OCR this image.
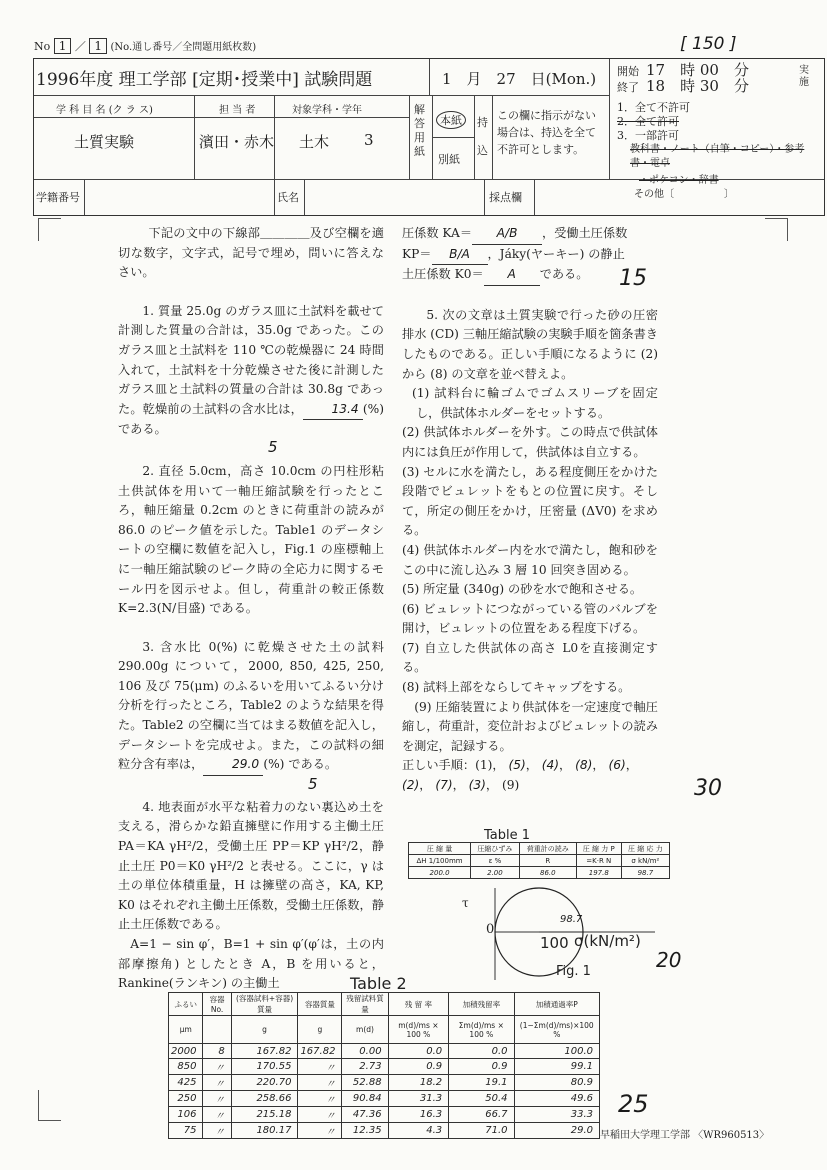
No 1 ／ 1 (No.通し番号／全問題用紙枚数)	[ 150 ]
1996年度 理工学部 [定期･授業中] 試験問題	1　月　27　日(Mon.) 開始 17　時 00　分
終了 18　時 30　分
実施
学 科 目 名 (ク ラ ス)	担 当 者	対象学科・学年
土質実験	濱田・赤木 土木 3
解答用紙
本紙
別紙
持込
この欄に指示がない場合は、持込を全て不許可とします。
1．全て不許可
2．全て許可
3．一部許可
教科書・ノート（自筆・コピー）・参考書・電卓
・ポケコン・辞書
その他〔　　　　　〕
学籍番号	氏名	採点欄

下記の文中の下線部＿＿＿＿及び空欄を適切な数字，文字式，記号で埋め，問いに答えなさい。

1. 質量 25.0g のガラス皿に土試料を載せて計測した質量の合計は，35.0g であった。このガラス皿と土試料を 110 ℃の乾燥器に 24 時間入れて，土試料を十分乾燥させた後に計測したガラス皿と土試料の質量の合計は 30.8g であった。乾燥前の土試料の含水比は， 13.4 (%) である。

5

2. 直径 5.0cm，高さ 10.0cm の円柱形粘土供試体を用いて一軸圧縮試験を行ったところ，軸圧縮量 0.2cm のときに荷重計の読みが 86.0 のピーク値を示した。Table1 のデータシートの空欄に数値を記入し，Fig.1 の座標軸上に一軸圧縮試験のピーク時の全応力に関するモール円を図示せよ。但し，荷重計の較正係数 K=2.3(N/目盛) である。

3. 含水比 0(%) に乾燥させた土の試料 290.00g について，2000, 850, 425, 250, 106 及び 75(μm) のふるいを用いてふるい分け分析を行ったところ，Table2 のような結果を得た。Table2 の空欄に当てはまる数値を記入し，データシートを完成せよ。また，この試料の細粒分含有率は， 29.0 (%) である。

5

4. 地表面が水平な粘着力のない裏込め土を支える，滑らかな鉛直擁壁に作用する主働土圧 PA＝KA γH²/2，受働土圧 PP＝KP γH²/2，静止土圧 P0＝K0 γH²/2 と表せる。ここに，γ は土の単位体積重量，H は擁壁の高さ，KA, KP, K0 はそれぞれ主働土圧係数，受働土圧係数，静止土圧係数である。

A=1 − sin φ′，B=1 + sin φ′(φ′は，土の内部摩擦角) としたとき A，B を用いると，Rankine(ランキン) の主働土

圧係数 KA＝ A/B ，受働土圧係数

KP＝ B/A ，Jáky(ヤーキー) の静止

土圧係数 K0＝ A である。

5. 次の文章は土質実験で行った砂の圧密排水 (CD) 三軸圧縮試験の実験手順を箇条書きしたものである。正しい手順になるように (2) から (8) の文章を並べ替えよ。

(1) 試料台に輪ゴムでゴムスリーブを固定し，供試体ホルダーをセットする。

(2) 供試体ホルダーを外す。この時点で供試体内には負圧が作用して，供試体は自立する。

(3) セルに水を満たし，ある程度側圧をかけた段階でビュレットをもとの位置に戻す。そして，所定の側圧をかけ，圧密量 (ΔV0) を求める。

(4) 供試体ホルダー内を水で満たし，飽和砂をこの中に流し込み 3 層 10 回突き固める。

(5) 所定量 (340g) の砂を水で飽和させる。

(6) ビュレットにつながっている管のバルブを開け，ビュレットの位置をある程度下げる。

(7) 自立した供試体の高さ L0を直接測定する。

(8) 試料上部をならしてキャップをする。

(9) 圧縮装置により供試体を一定速度で軸圧縮し，荷重計，変位計およびビュレットの読みを測定，記録する。

正しい手順：(1)， (5)， (4)， (8)， (6)，
(2)， (7)， (3)， (9)

15
30
20
25
Table 1
圧 縮 量	圧縮ひずみ	荷重計の読み	圧 縮 力 P	圧 縮 応 力
ΔH 1/100mm	ε %	R	=K·R N	σ kN/m²
200.0	2.00	86.0	197.8	98.7
τ
0
98.7
100 σ(kN/m²)
Fig. 1
Table 2
ふるい	容器No.	(容器試料+容器)質量	容器質量	残留試料質量	残 留 率	加積残留率	加積通過率P
μm		g	g	m(d)	m(d)/ms × 100 %	Σm(d)/ms × 100 %	(1−Σm(d)/ms)×100 %
2000	8	167.82	167.82	0.00	0.0	0.0	100.0
850	〃	170.55	〃	2.73	0.9	0.9	99.1
425	〃	220.70	〃	52.88	18.2	19.1	80.9
250	〃	258.66	〃	90.84	31.3	50.4	49.6
106	〃	215.18	〃	47.36	16.3	66.7	33.3
75	〃	180.17	〃	12.35	4.3	71.0	29.0 早稲田大学理工学部 〈WR960513〉
